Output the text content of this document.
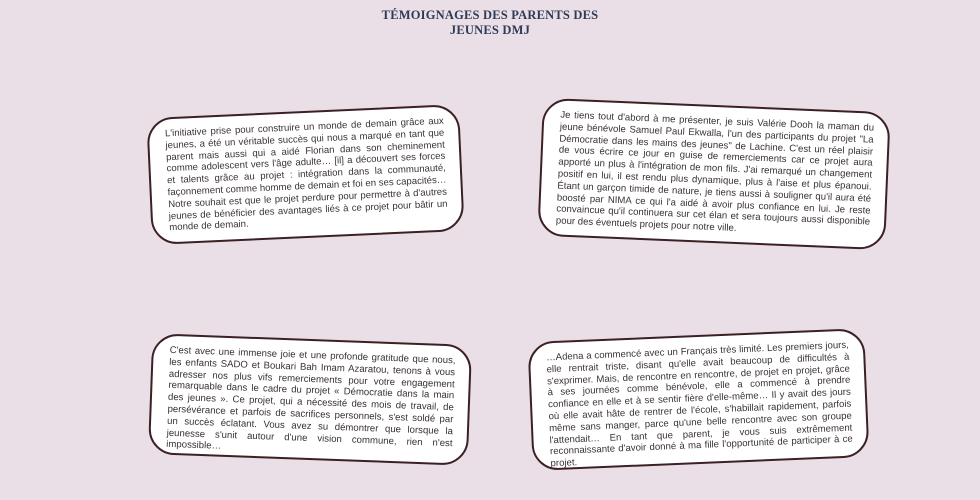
TÉMOIGNAGES DES PARENTS DES
JEUNES DMJ
L'initiative prise pour construire un monde de demain grâce aux jeunes, a été un véritable succès qui nous a marqué en tant que parent mais aussi qui a aidé Florian dans son cheminement comme adolescent vers l'âge adulte… [il] a découvert ses forces et talents grâce au projet : intégration dans la communauté, façonnement comme homme de demain et foi en ses capacités…Notre souhait est que le projet perdure pour permettre à d'autres jeunes de bénéficier des avantages liés à ce projet pour bâtir un monde de demain.
Je tiens tout d'abord à me présenter, je suis Valérie Dooh la maman du jeune bénévole Samuel Paul Ekwalla, l'un des participants du projet "La Démocratie dans les mains des jeunes" de Lachine. C'est un réel plaisir de vous écrire ce jour en guise de remerciements car ce projet aura apporté un plus à l'intégration de mon fils. J'ai remarqué un changement positif en lui, il est rendu plus dynamique, plus à l'aise et plus épanoui. Étant un garçon timide de nature, je tiens aussi à souligner qu'il aura été boosté par NIMA ce qui l'a aidé à avoir plus confiance en lui. Je reste convaincue qu'il continuera sur cet élan et sera toujours aussi disponible pour des éventuels projets pour notre ville.
C'est avec une immense joie et une profonde gratitude que nous, les enfants SADO et Boukari Bah Imam Azaratou, tenons à vous adresser nos plus vifs remerciements pour votre engagement remarquable dans le cadre du projet « Démocratie dans la main des jeunes ». Ce projet, qui a nécessité des mois de travail, de persévérance et parfois de sacrifices personnels, s'est soldé par un succès éclatant. Vous avez su démontrer que lorsque la jeunesse s'unit autour d'une vision commune, rien n'est impossible…
…Adena a commencé avec un Français très limité. Les premiers jours, elle rentrait triste, disant qu'elle avait beaucoup de difficultés à s'exprimer. Mais, de rencontre en rencontre, de projet en projet, grâce à ses journées comme bénévole, elle a commencé à prendre confiance en elle et à se sentir fière d'elle-même… Il y avait des jours où elle avait hâte de rentrer de l'école, s'habillait rapidement, parfois même sans manger, parce qu'une belle rencontre avec son groupe l'attendait… En tant que parent, je vous suis extrêmement reconnaissante d'avoir donné à ma fille l'opportunité de participer à ce projet.
